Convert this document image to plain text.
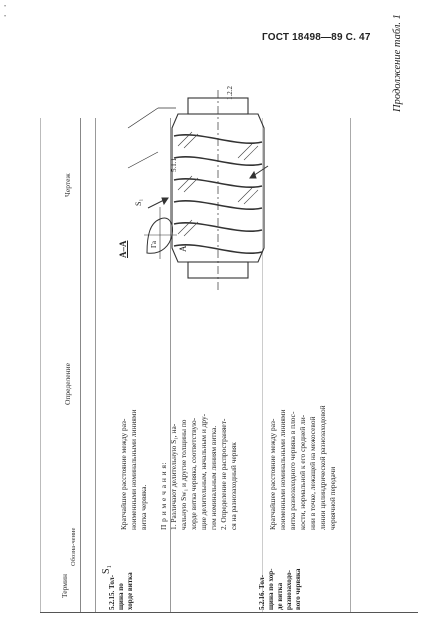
•
•
ГОСТ 18498—89 С. 47 Продолжение табл. 1
Термин
Обозна-чение
Определение
Чертеж
5.2.15. Тол- щина по хорде витка
S₁
Кратчайшее расстояние между раз- ноименными номинальными линиями витка червяка. П р и м е ч а н и я: 1. Различают делительную S₁, на- чальную Sw₁ и другие толщины по хорде витка червяка, соответствую- щие делительным, начальным и дру- гим номинальным линиям витка. 2. Определение не распространяет- ся на разнозаходный червяк
5.2.16. Тол- щина по хор- де витка разнозаходо- вого червяка
Кратчайшее расстояние между раз- ноименными номинальными линиями витка разнозаходного червяка в плос- кости, нормальной к его средней ли- нии в точке, лежащей на межосевой линии цилиндрической разнозаходовой червячной передачи
1.2.2
5.1.1
А
А–А
S₁
Га
